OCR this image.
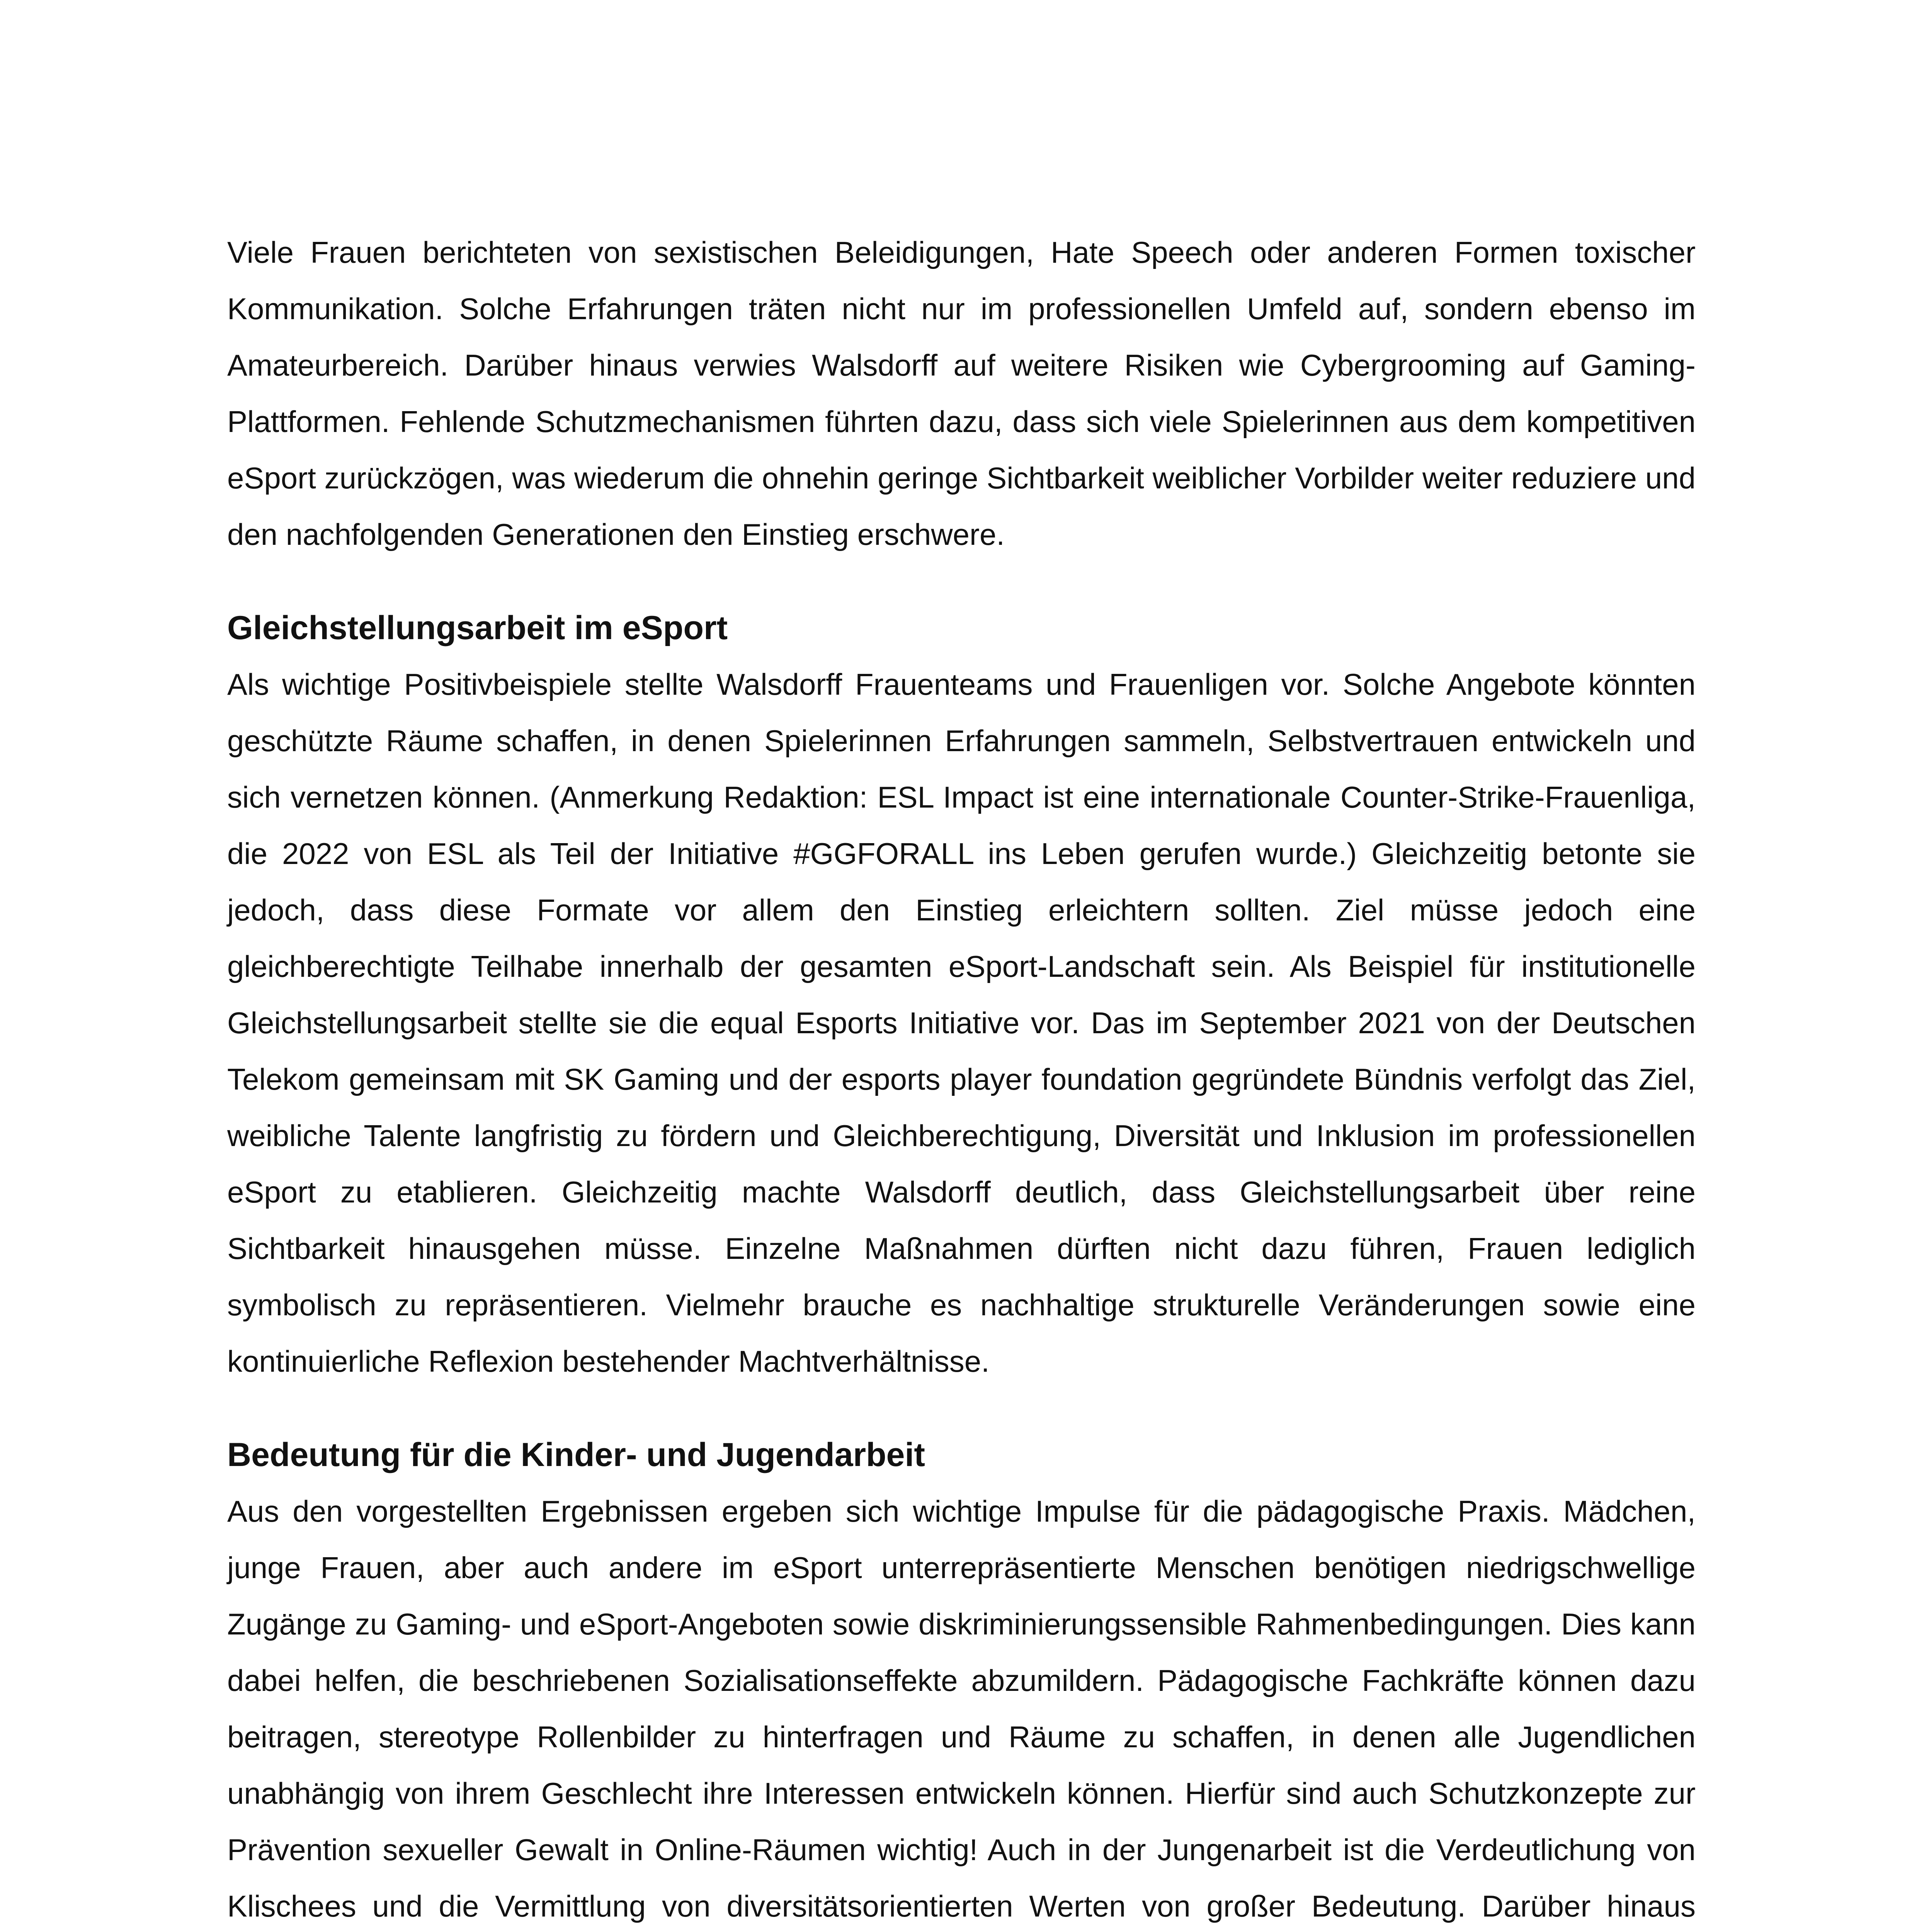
Viele Frauen berichteten von sexistischen Beleidigungen, Hate Speech oder anderen Formen toxischer Kommunikation. Solche Erfahrungen träten nicht nur im professionellen Umfeld auf, sondern ebenso im Amateurbereich. Darüber hinaus verwies Walsdorff auf weitere Risiken wie Cybergrooming auf Gaming-Plattformen. Fehlende Schutzmechanismen führten dazu, dass sich viele Spielerinnen aus dem kompetitiven eSport zurückzögen, was wiederum die ohnehin geringe Sichtbarkeit weiblicher Vorbilder weiter reduziere und den nachfolgenden Generationen den Einstieg erschwere.

Gleichstellungsarbeit im eSport

Als wichtige Positivbeispiele stellte Walsdorff Frauenteams und Frauenligen vor. Solche Angebote könnten geschützte Räume schaffen, in denen Spielerinnen Erfahrungen sammeln, Selbstvertrauen entwickeln und sich vernetzen können. (Anmerkung Redaktion: ESL Impact ist eine internationale Counter-Strike-Frauenliga, die 2022 von ESL als Teil der Initiative #GGFORALL ins Leben gerufen wurde.) Gleichzeitig betonte sie jedoch, dass diese Formate vor allem den Einstieg erleichtern sollten. Ziel müsse jedoch eine gleichberechtigte Teilhabe innerhalb der gesamten eSport-Landschaft sein. Als Beispiel für institutionelle Gleichstellungsarbeit stellte sie die equal Esports Initiative vor. Das im September 2021 von der Deutschen Telekom gemeinsam mit SK Gaming und der esports player foundation gegründete Bündnis verfolgt das Ziel, weibliche Talente langfristig zu fördern und Gleichberechtigung, Diversität und Inklusion im professionellen eSport zu etablieren. Gleichzeitig machte Walsdorff deutlich, dass Gleichstellungsarbeit über reine Sichtbarkeit hinausgehen müsse. Einzelne Maßnahmen dürften nicht dazu führen, Frauen lediglich symbolisch zu repräsentieren. Vielmehr brauche es nachhaltige strukturelle Veränderungen sowie eine kontinuierliche Reflexion bestehender Machtverhältnisse.

Bedeutung für die Kinder- und Jugendarbeit

Aus den vorgestellten Ergebnissen ergeben sich wichtige Impulse für die pädagogische Praxis. Mädchen, junge Frauen, aber auch andere im eSport unterrepräsentierte Menschen benötigen niedrigschwellige Zugänge zu Gaming- und eSport-Angeboten sowie diskriminierungssensible Rahmenbedingungen. Dies kann dabei helfen, die beschriebenen Sozialisationseffekte abzumildern. Pädagogische Fachkräfte können dazu beitragen, stereotype Rollenbilder zu hinterfragen und Räume zu schaffen, in denen alle Jugendlichen unabhängig von ihrem Geschlecht ihre Interessen entwickeln können. Hierfür sind auch Schutzkonzepte zur Prävention sexueller Gewalt in Online-Räumen wichtig! Auch in der Jungenarbeit ist die Verdeutlichung von Klischees und die Vermittlung von diversitätsorientierten Werten von großer Bedeutung. Darüber hinaus
